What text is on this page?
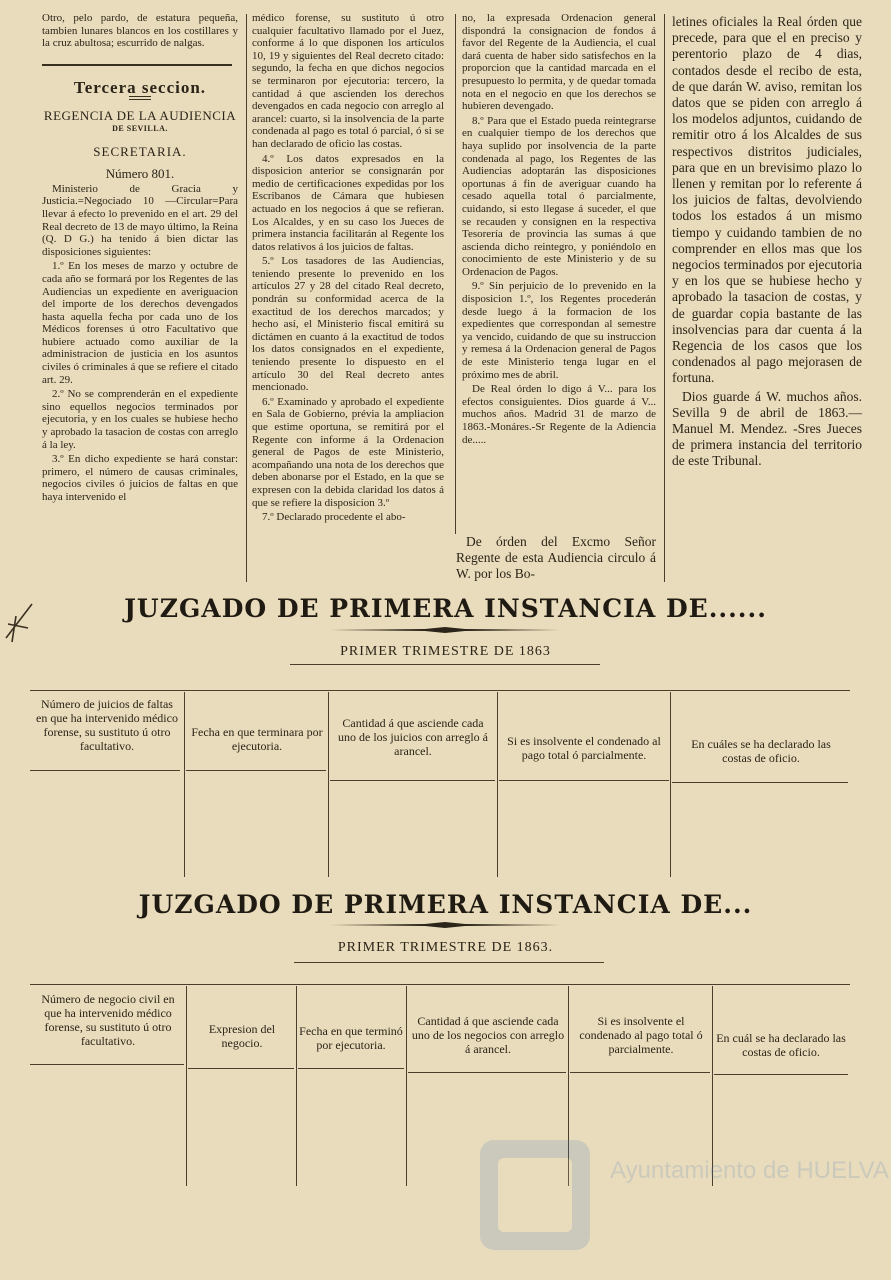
Otro, pelo pardo, de estatura pequeña, tambien lunares blancos en los costillares y la cruz abultosa; escurrido de nalgas.

Tercera seccion.
REGENCIA DE LA AUDIENCIA
DE SEVILLA.
SECRETARIA.
Número 801.

Ministerio de Gracia y Justicia.=Negociado 10 —Circular=Para llevar á efecto lo prevenido en el art. 29 del Real decreto de 13 de mayo último, la Reina (Q. D G.) ha tenido á bien dictar las disposiciones siguientes:

1.º En los meses de marzo y octubre de cada año se formará por los Regentes de las Audiencias un expediente en averiguacion del importe de los derechos devengados hasta aquella fecha por cada uno de los Médicos forenses ú otro Facultativo que hubiere actuado como auxiliar de la administracion de justicia en los asuntos civiles ó criminales á que se refiere el citado art. 29.

2.º No se comprenderán en el expediente sino equellos negocios terminados por ejecutoria, y en los cuales se hubiese hecho y aprobado la tasacion de costas con arreglo á la ley.

3.º En dicho expediente se hará constar: primero, el número de causas criminales, negocios civiles ó juicios de faltas en que haya intervenido el

médico forense, su sustituto ú otro cualquier facultativo llamado por el Juez, conforme á lo que disponen los artículos 10, 19 y siguientes del Real decreto citado: segundo, la fecha en que dichos negocios se terminaron por ejecutoria: tercero, la cantidad á que ascienden los derechos devengados en cada negocio con arreglo al arancel: cuarto, si la insolvencia de la parte condenada al pago es total ó parcial, ó si se han declarado de oficio las costas.

4.º Los datos expresados en la disposicion anterior se consignarán por medio de certificaciones expedidas por los Escribanos de Cámara que hubiesen actuado en los negocios á que se refieran. Los Alcaldes, y en su caso los Jueces de primera instancia facilitarán al Regente los datos relativos á los juicios de faltas.

5.º Los tasadores de las Audiencias, teniendo presente lo prevenido en los artículos 27 y 28 del citado Real decreto, pondrán su conformidad acerca de la exactitud de los derechos marcados; y hecho así, el Ministerio fiscal emitirá su dictámen en cuanto á la exactitud de todos los datos consignados en el expediente, teniendo presente lo dispuesto en el artículo 30 del Real decreto antes mencionado.

6.º Examinado y aprobado el expediente en Sala de Gobierno, prévia la ampliacion que estime oportuna, se remitirá por el Regente con informe á la Ordenacion general de Pagos de este Ministerio, acompañando una nota de los derechos que deben abonarse por el Estado, en la que se expresen con la debida claridad los datos á que se refiere la disposicion 3.º

7.º Declarado procedente el abo-

no, la expresada Ordenacion general dispondrá la consignacion de fondos á favor del Regente de la Audiencia, el cual dará cuenta de haber sido satisfechos en la proporcion que la cantidad marcada en el presupuesto lo permita, y de quedar tomada nota en el negocio en que los derechos se hubieren devengado.

8.º Para que el Estado pueda reintegrarse en cualquier tiempo de los derechos que haya suplido por insolvencia de la parte condenada al pago, los Regentes de las Audiencias adoptarán las disposiciones oportunas á fin de averiguar cuando ha cesado aquella total ó parcialmente, cuidando, si esto llegase á suceder, el que se recauden y consignen en la respectiva Tesorería de provincia las sumas á que ascienda dicho reintegro, y poniéndolo en conocimiento de este Ministerio y de su Ordenacion de Pagos.

9.º Sin perjuicio de lo prevenido en la disposicion 1.º, los Regentes procederán desde luego á la formacion de los expedientes que correspondan al semestre ya vencido, cuidando de que su instruccion y remesa á la Ordenacion general de Pagos de este Ministerio tenga lugar en el próximo mes de abril.

De Real órden lo digo á V... para los efectos consiguientes. Dios guarde á V... muchos años. Madrid 31 de marzo de 1863.-Monáres.-Sr Regente de la Adiencia de.....

De órden del Excmo Señor Regente de esta Audiencia circulo á W. por los Bo-

letines oficiales la Real órden que precede, para que el en preciso y perentorio plazo de 4 dias, contados desde el recibo de esta, de que darán W. aviso, remitan los datos que se piden con arreglo á los modelos adjuntos, cuidando de remitir otro á los Alcaldes de sus respectivos distritos judiciales, para que en un brevisimo plazo lo llenen y remitan por lo referente á los juicios de faltas, devolviendo todos los estados á un mismo tiempo y cuidando tambien de no comprender en ellos mas que los negocios terminados por ejecutoria y en los que se hubiese hecho y aprobado la tasacion de costas, y de guardar copia bastante de las insolvencias para dar cuenta á la Regencia de los casos que los condenados al pago mejorasen de fortuna.

Dios guarde á W. muchos años. Sevilla 9 de abril de 1863.—Manuel M. Mendez. -Sres Jueces de primera instancia del territorio de este Tribunal.

JUZGADO DE PRIMERA INSTANCIA DE......
PRIMER TRIMESTRE DE 1863
Número de juicios de faltas en que ha intervenido médico forense, su sustituto ú otro facultativo.
Fecha en que terminara por ejecutoria.
Cantidad á que asciende cada uno de los juicios con arreglo á arancel.
Si es insolvente el condenado al pago total ó parcialmente.
En cuáles se ha declarado las costas de oficio.
JUZGADO DE PRIMERA INSTANCIA DE...
PRIMER TRIMESTRE DE 1863.
Número de negocio civil en que ha intervenido médico forense, su sustituto ú otro facultativo.
Expresion del negocio.
Fecha en que terminó por ejecutoria.
Cantidad á que asciende cada uno de los negocios con arreglo á arancel.
Si es insolvente el condenado al pago total ó parcialmente.
En cuál se ha declarado las costas de oficio.
Ayuntamiento de HUELVA
